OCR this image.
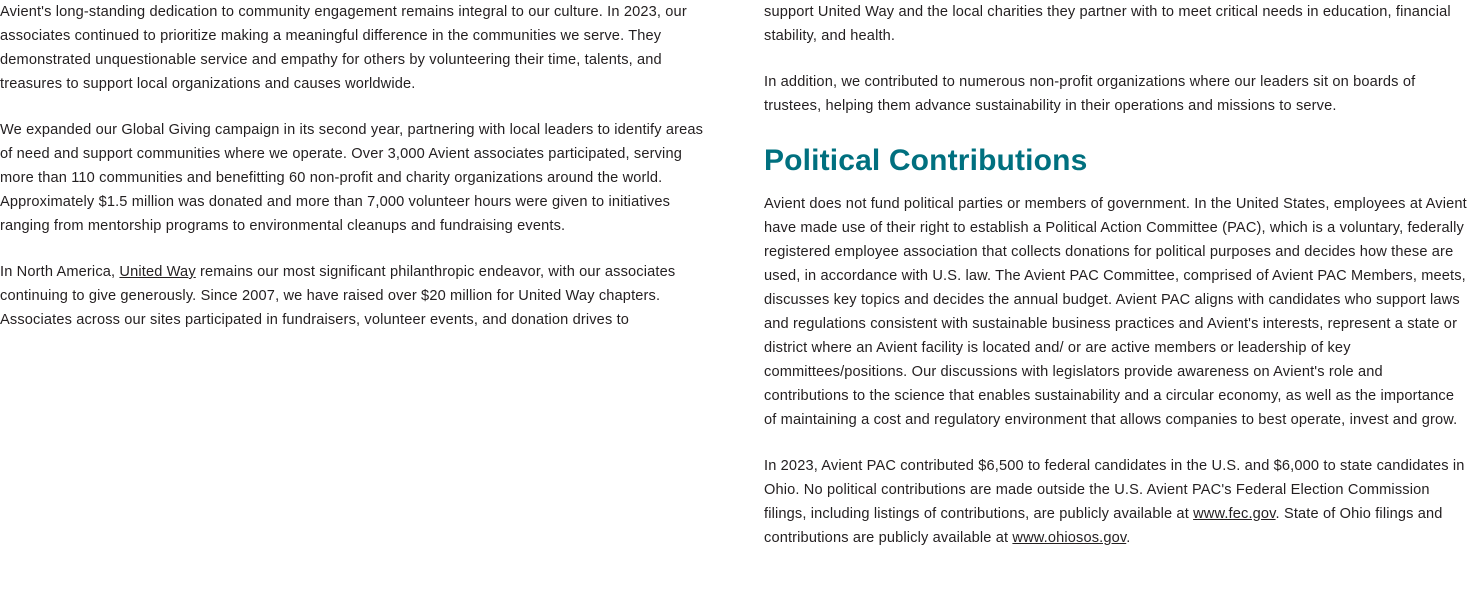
Avient's long-standing dedication to community engagement remains integral to our culture. In 2023, our associates continued to prioritize making a meaningful difference in the communities we serve. They demonstrated unquestionable service and empathy for others by volunteering their time, talents, and treasures to support local organizations and causes worldwide.

We expanded our Global Giving campaign in its second year, partnering with local leaders to identify areas of need and support communities where we operate. Over 3,000 Avient associates participated, serving more than 110 communities and benefitting 60 non-profit and charity organizations around the world. Approximately $1.5 million was donated and more than 7,000 volunteer hours were given to initiatives ranging from mentorship programs to environmental cleanups and fundraising events.

In North America, United Way remains our most significant philanthropic endeavor, with our associates continuing to give generously. Since 2007, we have raised over $20 million for United Way chapters. Associates across our sites participated in fundraisers, volunteer events, and donation drives to

support United Way and the local charities they partner with to meet critical needs in education, financial stability, and health.

In addition, we contributed to numerous non-profit organizations where our leaders sit on boards of trustees, helping them advance sustainability in their operations and missions to serve.

Political Contributions

Avient does not fund political parties or members of government. In the United States, employees at Avient have made use of their right to establish a Political Action Committee (PAC), which is a voluntary, federally registered employee association that collects donations for political purposes and decides how these are used, in accordance with U.S. law. The Avient PAC Committee, comprised of Avient PAC Members, meets, discusses key topics and decides the annual budget. Avient PAC aligns with candidates who support laws and regulations consistent with sustainable business practices and Avient's interests, represent a state or district where an Avient facility is located and/ or are active members or leadership of key committees/positions. Our discussions with legislators provide awareness on Avient's role and contributions to the science that enables sustainability and a circular economy, as well as the importance of maintaining a cost and regulatory environment that allows companies to best operate, invest and grow.

In 2023, Avient PAC contributed $6,500 to federal candidates in the U.S. and $6,000 to state candidates in Ohio. No political contributions are made outside the U.S. Avient PAC's Federal Election Commission filings, including listings of contributions, are publicly available at www.fec.gov. State of Ohio filings and contributions are publicly available at www.ohiosos.gov.
